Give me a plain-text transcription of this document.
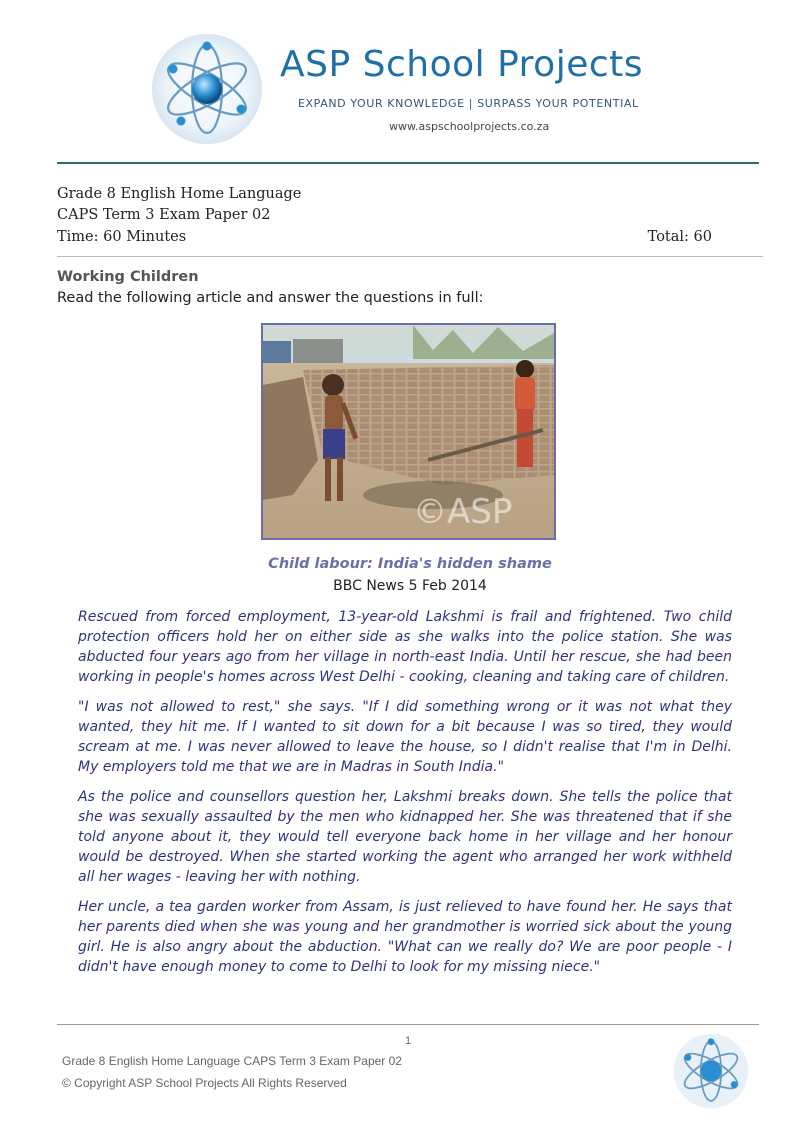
ASP School Projects
EXPAND YOUR KNOWLEDGE | SURPASS YOUR POTENTIAL
www.aspschoolprojects.co.za
Grade 8 English Home Language
CAPS Term 3 Exam Paper 02
Time: 60 Minutes	Total: 60
Working Children
Read the following article and answer the questions in full:
©ASP
Child labour: India's hidden shame
BBC News 5 Feb 2014

Rescued from forced employment, 13-year-old Lakshmi is frail and frightened. Two child protection officers hold her on either side as she walks into the police station. She was abducted four years ago from her village in north-east India. Until her rescue, she had been working in people's homes across West Delhi - cooking, cleaning and taking care of children.

"I was not allowed to rest," she says. "If I did something wrong or it was not what they wanted, they hit me. If I wanted to sit down for a bit because I was so tired, they would scream at me. I was never allowed to leave the house, so I didn't realise that I'm in Delhi. My employers told me that we are in Madras in South India."

As the police and counsellors question her, Lakshmi breaks down. She tells the police that she was sexually assaulted by the men who kidnapped her. She was threatened that if she told anyone about it, they would tell everyone back home in her village and her honour would be destroyed. When she started working the agent who arranged her work withheld all her wages - leaving her with nothing.

Her uncle, a tea garden worker from Assam, is just relieved to have found her. He says that her parents died when she was young and her grandmother is worried sick about the young girl. He is also angry about the abduction. "What can we really do? We are poor people - I didn't have enough money to come to Delhi to look for my missing niece."

1
Grade 8 English Home Language CAPS Term 3 Exam Paper 02
© Copyright ASP School Projects All Rights Reserved
